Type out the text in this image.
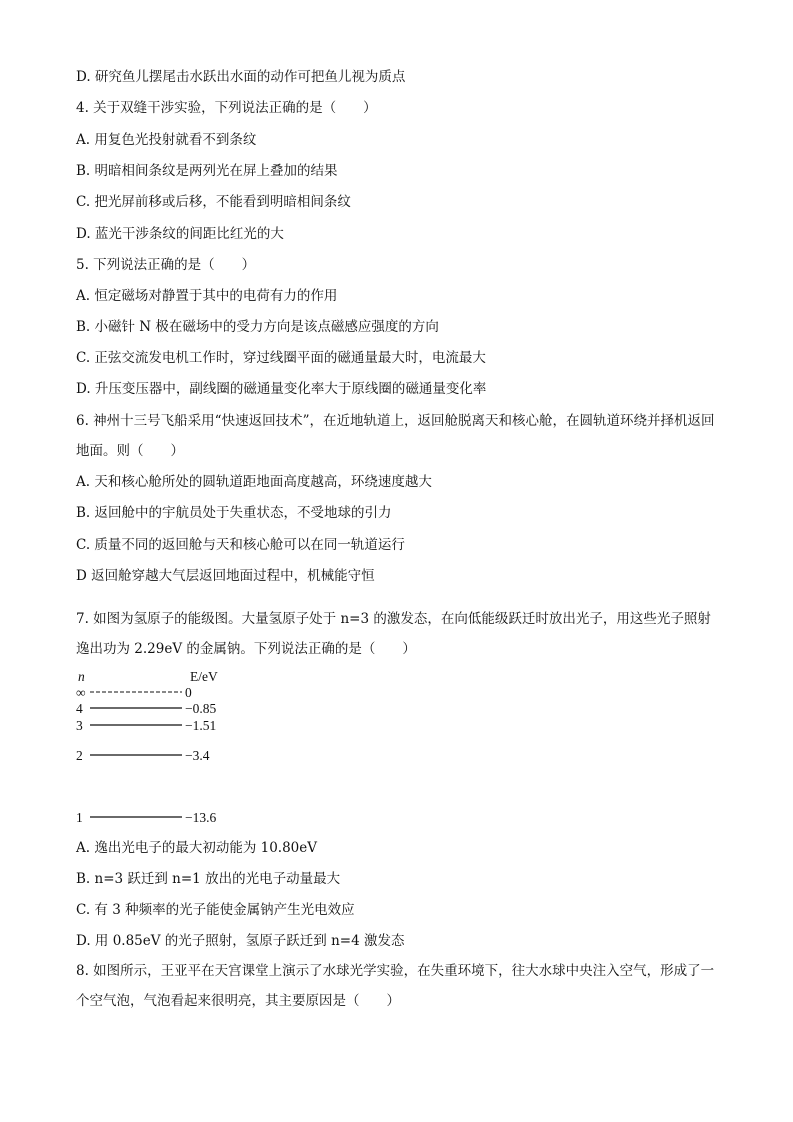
D. 研究鱼儿摆尾击水跃出水面的动作可把鱼儿视为质点
4. 关于双缝干涉实验，下列说法正确的是（　　）
A. 用复色光投射就看不到条纹
B. 明暗相间条纹是两列光在屏上叠加的结果
C. 把光屏前移或后移，不能看到明暗相间条纹
D. 蓝光干涉条纹的间距比红光的大
5. 下列说法正确的是（　　）
A. 恒定磁场对静置于其中的电荷有力的作用
B. 小磁针 N 极在磁场中的受力方向是该点磁感应强度的方向
C. 正弦交流发电机工作时，穿过线圈平面的磁通量最大时，电流最大
D. 升压变压器中，副线圈的磁通量变化率大于原线圈的磁通量变化率
6. 神州十三号飞船采用“快速返回技术”，在近地轨道上，返回舱脱离天和核心舱，在圆轨道环绕并择机返回地面。则（　　）
A. 天和核心舱所处的圆轨道距地面高度越高，环绕速度越大
B. 返回舱中的宇航员处于失重状态，不受地球的引力
C. 质量不同的返回舱与天和核心舱可以在同一轨道运行
D 返回舱穿越大气层返回地面过程中，机械能守恒
7. 如图为氢原子的能级图。大量氢原子处于 n=3 的激发态，在向低能级跃迁时放出光子，用这些光子照射逸出功为 2.29eV 的金属钠。下列说法正确的是（　　）
n	E/eV
∞	0
4	−0.85
3	−1.51
2	−3.4
1	−13.6
A. 逸出光电子的最大初动能为 10.80eV
B. n=3 跃迁到 n=1 放出的光电子动量最大
C. 有 3 种频率的光子能使金属钠产生光电效应
D. 用 0.85eV 的光子照射，氢原子跃迁到 n=4 激发态
8. 如图所示，王亚平在天宫课堂上演示了水球光学实验，在失重环境下，往大水球中央注入空气，形成了一个空气泡，气泡看起来很明亮，其主要原因是（　　）
